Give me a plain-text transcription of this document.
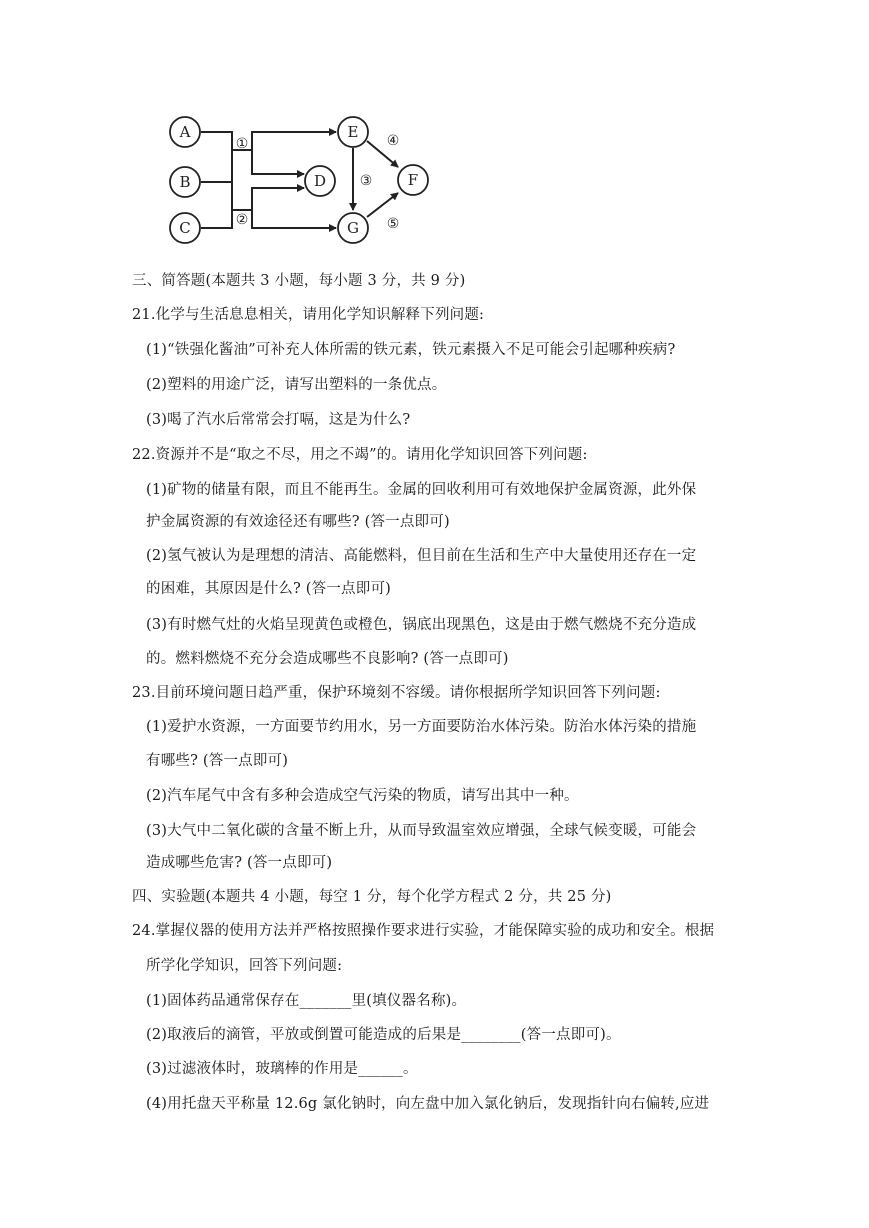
A
B
C
D
E
F
G
①
②
③
④
⑤
三、简答题(本题共 3 小题，每小题 3 分，共 9 分)
21.化学与生活息息相关，请用化学知识解释下列问题:
(1)“铁强化酱油”可补充人体所需的铁元素，铁元素摄入不足可能会引起哪种疾病?
(2)塑料的用途广泛，请写出塑料的一条优点。
(3)喝了汽水后常常会打嗝，这是为什么?
22.资源并不是“取之不尽，用之不竭”的。请用化学知识回答下列问题:
(1)矿物的储量有限，而且不能再生。金属的回收利用可有效地保护金属资源，此外保
护金属资源的有效途径还有哪些? (答一点即可)
(2)氢气被认为是理想的清洁、高能燃料，但目前在生活和生产中大量使用还存在一定
的困难，其原因是什么? (答一点即可)
(3)有时燃气灶的火焰呈现黄色或橙色，锅底出现黑色，这是由于燃气燃烧不充分造成
的。燃料燃烧不充分会造成哪些不良影响? (答一点即可)
23.目前环境问题日趋严重，保护环境刻不容缓。请你根据所学知识回答下列问题:
(1)爱护水资源，一方面要节约用水，另一方面要防治水体污染。防治水体污染的措施
有哪些? (答一点即可)
(2)汽车尾气中含有多种会造成空气污染的物质，请写出其中一种。
(3)大气中二氧化碳的含量不断上升，从而导致温室效应增强，全球气候变暖，可能会
造成哪些危害? (答一点即可)
四、实验题(本题共 4 小题，每空 1 分，每个化学方程式 2 分，共 25 分)
24.掌握仪器的使用方法并严格按照操作要求进行实验，才能保障实验的成功和安全。根据
所学化学知识，回答下列问题:
(1)固体药品通常保存在_______里(填仪器名称)。
(2)取液后的滴管，平放或倒置可能造成的后果是________(答一点即可)。
(3)过滤液体时，玻璃棒的作用是______。
(4)用托盘天平称量 12.6g 氯化钠时，向左盘中加入氯化钠后，发现指针向右偏转,应进
